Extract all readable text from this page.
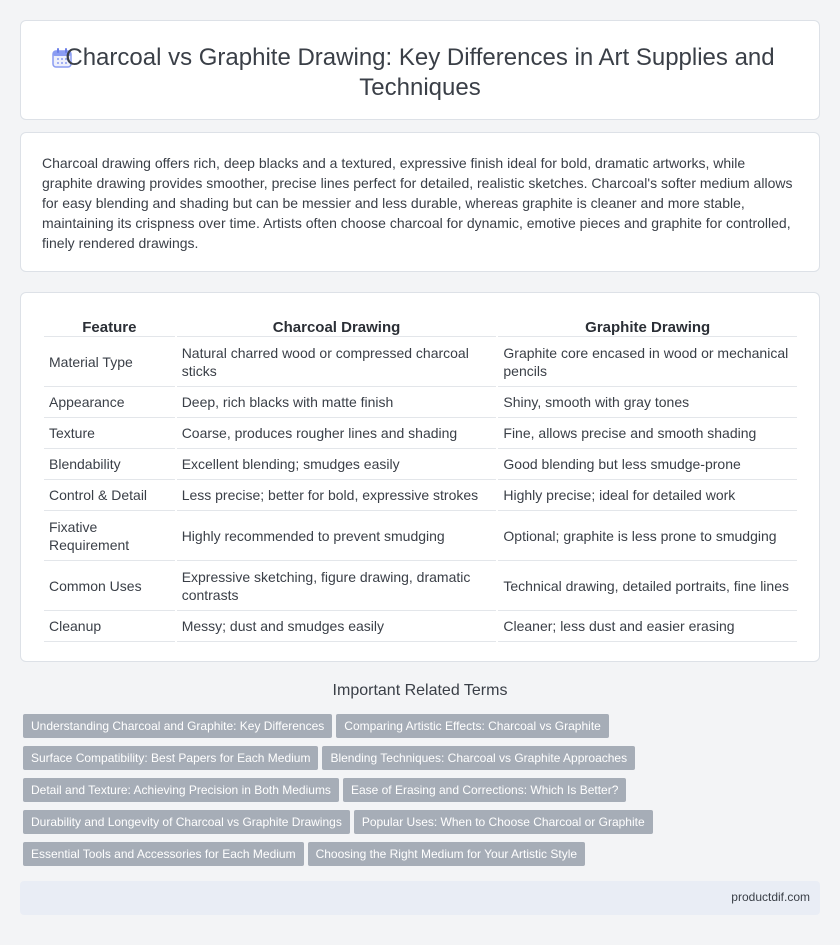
Charcoal vs Graphite Drawing: Key Differences in Art Supplies and Techniques

Charcoal drawing offers rich, deep blacks and a textured, expressive finish ideal for bold, dramatic artworks, while graphite drawing provides smoother, precise lines perfect for detailed, realistic sketches. Charcoal's softer medium allows for easy blending and shading but can be messier and less durable, whereas graphite is cleaner and more stable, maintaining its crispness over time. Artists often choose charcoal for dynamic, emotive pieces and graphite for controlled, finely rendered drawings.

Feature	Charcoal Drawing	Graphite Drawing
Material Type	Natural charred wood or compressed charcoal sticks	Graphite core encased in wood or mechanical pencils
Appearance	Deep, rich blacks with matte finish	Shiny, smooth with gray tones
Texture	Coarse, produces rougher lines and shading	Fine, allows precise and smooth shading
Blendability	Excellent blending; smudges easily	Good blending but less smudge-prone
Control & Detail	Less precise; better for bold, expressive strokes	Highly precise; ideal for detailed work
Fixative Requirement	Highly recommended to prevent smudging	Optional; graphite is less prone to smudging
Common Uses	Expressive sketching, figure drawing, dramatic contrasts	Technical drawing, detailed portraits, fine lines
Cleanup	Messy; dust and smudges easily	Cleaner; less dust and easier erasing
Important Related Terms
Understanding Charcoal and Graphite: Key Differences Comparing Artistic Effects: Charcoal vs Graphite
Surface Compatibility: Best Papers for Each Medium Blending Techniques: Charcoal vs Graphite Approaches
Detail and Texture: Achieving Precision in Both Mediums Ease of Erasing and Corrections: Which Is Better?
Durability and Longevity of Charcoal vs Graphite Drawings Popular Uses: When to Choose Charcoal or Graphite
Essential Tools and Accessories for Each Medium Choosing the Right Medium for Your Artistic Style
productdif.com
